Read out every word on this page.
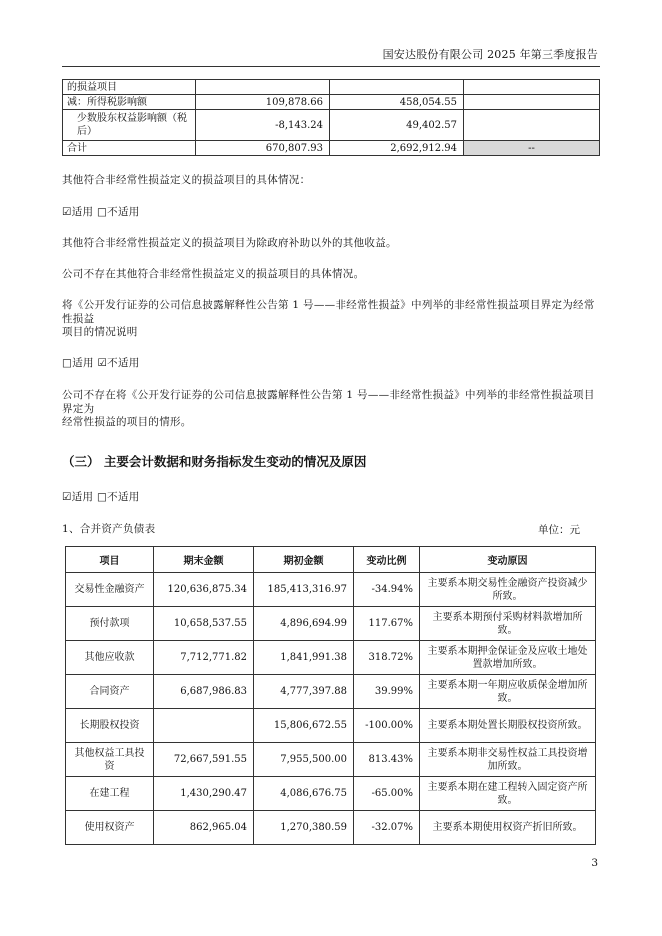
国安达股份有限公司 2025 年第三季度报告
的损益项目			
减：所得税影响额	109,878.66	458,054.55	
少数股东权益影响额（税后）	-8,143.24	49,402.57	
合计	670,807.93	2,692,912.94	--
其他符合非经常性损益定义的损益项目的具体情况：
☑适用 □不适用
其他符合非经常性损益定义的损益项目为除政府补助以外的其他收益。
公司不存在其他符合非经常性损益定义的损益项目的具体情况。
将《公开发行证券的公司信息披露解释性公告第 1 号——非经常性损益》中列举的非经常性损益项目界定为经常性损益
项目的情况说明
□适用 ☑不适用
公司不存在将《公开发行证券的公司信息披露解释性公告第 1 号——非经常性损益》中列举的非经常性损益项目界定为
经常性损益的项目的情形。
（三） 主要会计数据和财务指标发生变动的情况及原因
☑适用 □不适用
1、合并资产负债表	单位：元
项目	期末金额	期初金额	变动比例	变动原因
交易性金融资产	120,636,875.34	185,413,316.97	-34.94%	主要系本期交易性金融资产投资减少所致。
预付款项	10,658,537.55	4,896,694.99	117.67%	主要系本期预付采购材料款增加所致。
其他应收款	7,712,771.82	1,841,991.38	318.72%	主要系本期押金保证金及应收土地处置款增加所致。
合同资产	6,687,986.83	4,777,397.88	39.99%	主要系本期一年期应收质保金增加所致。
长期股权投资		15,806,672.55	-100.00%	主要系本期处置长期股权投资所致。
其他权益工具投资	72,667,591.55	7,955,500.00	813.43%	主要系本期非交易性权益工具投资增加所致。
在建工程	1,430,290.47	4,086,676.75	-65.00%	主要系本期在建工程转入固定资产所致。
使用权资产	862,965.04	1,270,380.59	-32.07%	主要系本期使用权资产折旧所致。
3
